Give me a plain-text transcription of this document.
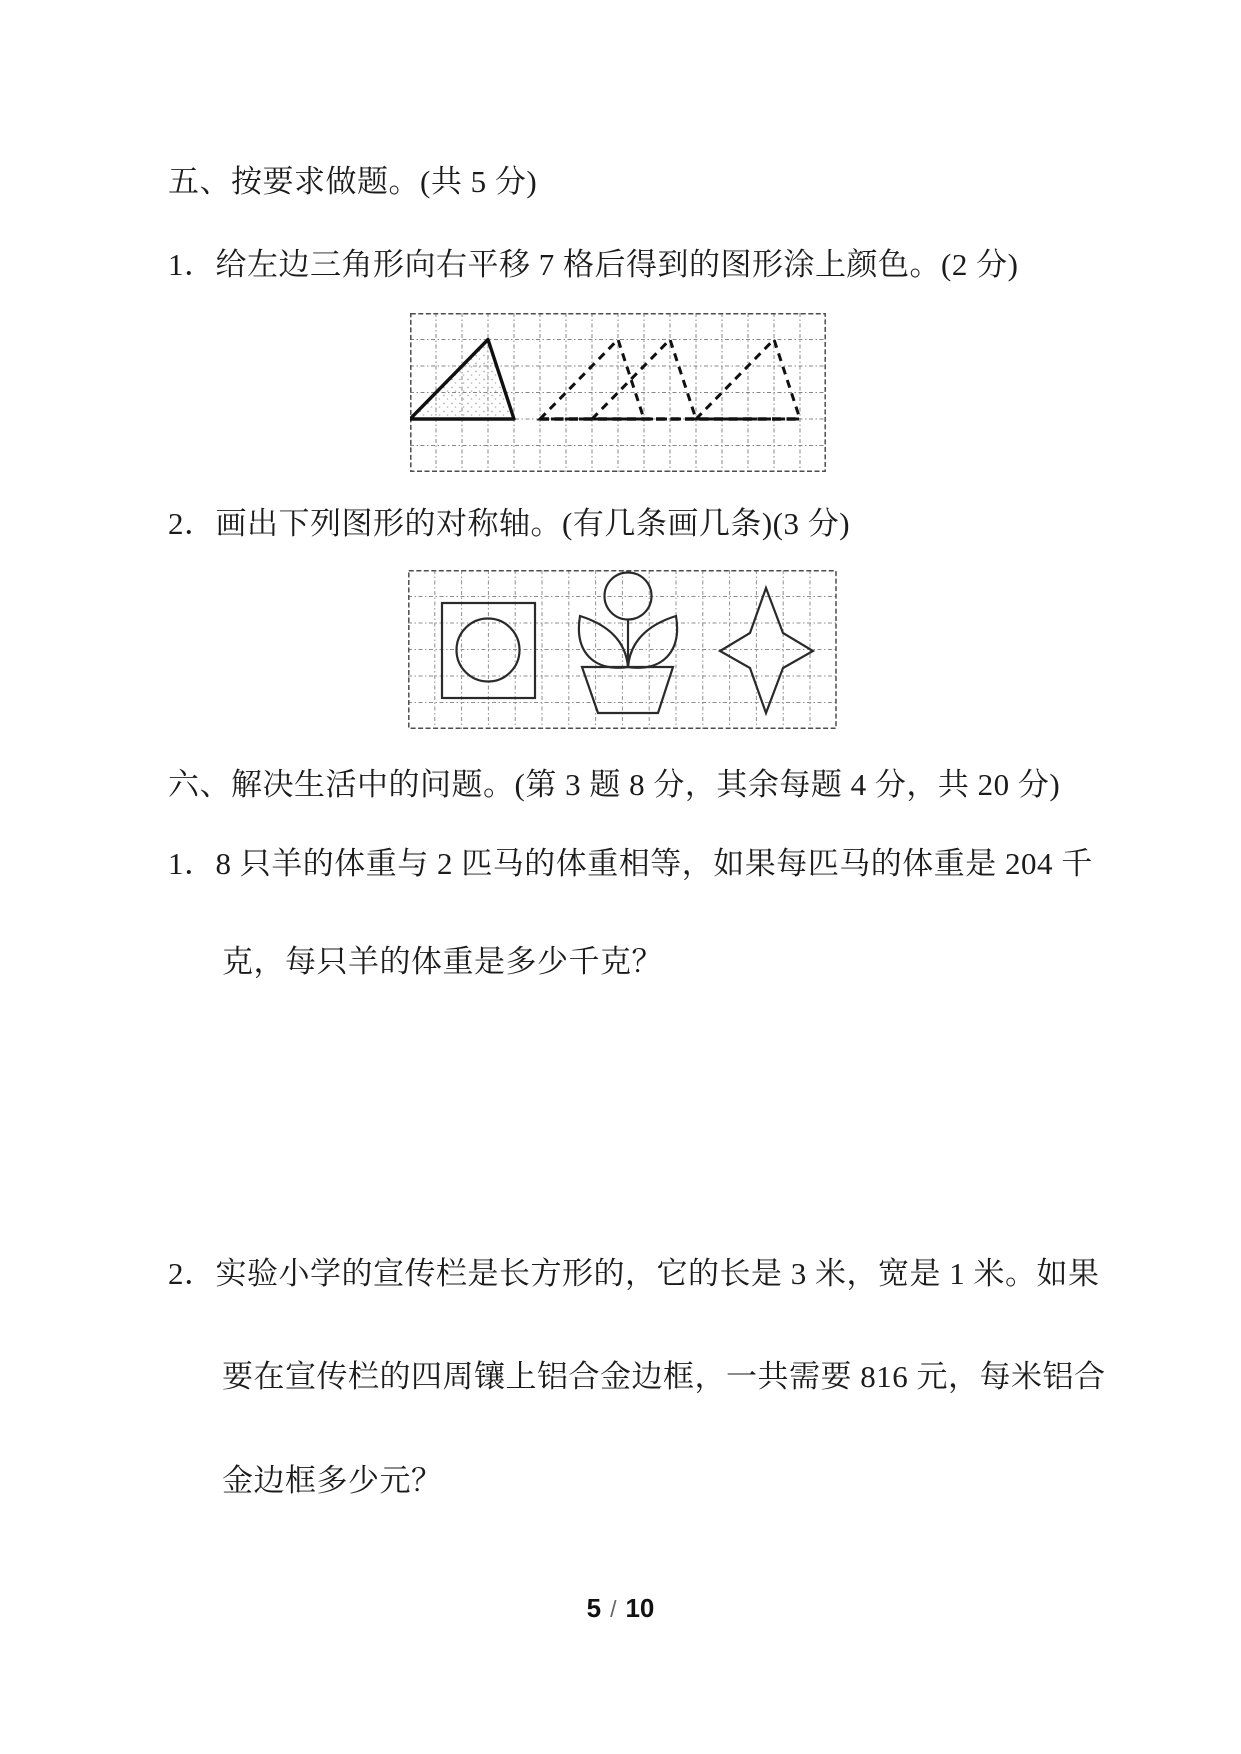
五、按要求做题。(共 5 分)
1．给左边三角形向右平移 7 格后得到的图形涂上颜色。(2 分)
2．画出下列图形的对称轴。(有几条画几条)(3 分)
六、解决生活中的问题。(第 3 题 8 分，其余每题 4 分，共 20 分)
1．8 只羊的体重与 2 匹马的体重相等，如果每匹马的体重是 204 千
克，每只羊的体重是多少千克？
2．实验小学的宣传栏是长方形的，它的长是 3 米，宽是 1 米。如果
要在宣传栏的四周镶上铝合金边框，一共需要 816 元，每米铝合
金边框多少元？
5 / 10
